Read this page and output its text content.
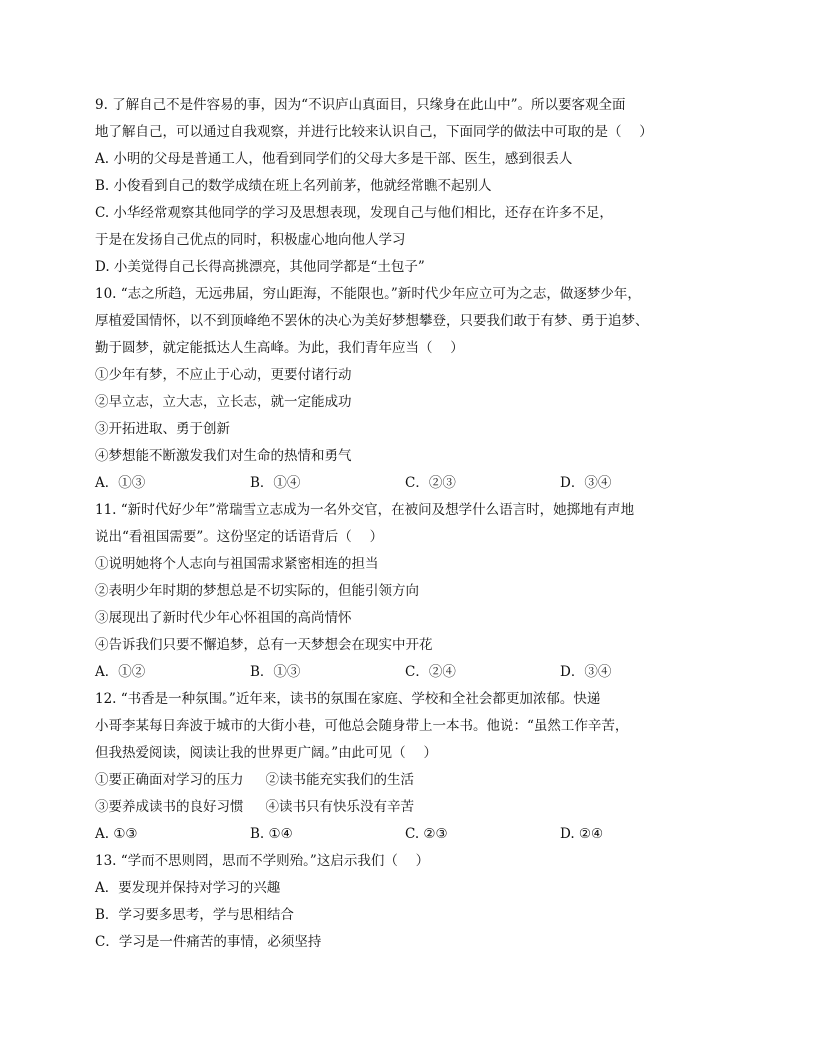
9. 了解自己不是件容易的事，因为“不识庐山真面目，只缘身在此山中”。所以要客观全面
地了解自己，可以通过自我观察，并进行比较来认识自己，下面同学的做法中可取的是（　 ）
A. 小明的父母是普通工人，他看到同学们的父母大多是干部、医生，感到很丢人
B. 小俊看到自己的数学成绩在班上名列前茅，他就经常瞧不起别人
C. 小华经常观察其他同学的学习及思想表现，发现自己与他们相比，还存在许多不足，
于是在发扬自己优点的同时，积极虚心地向他人学习
D. 小美觉得自己长得高挑漂亮，其他同学都是“土包子”
10. “志之所趋，无远弗届，穷山距海，不能限也。”新时代少年应立可为之志，做逐梦少年，
厚植爱国情怀，以不到顶峰绝不罢休的决心为美好梦想攀登，只要我们敢于有梦、勇于追梦、
勤于圆梦，就定能抵达人生高峰。为此，我们青年应当（　 ）
①少年有梦，不应止于心动，更要付诸行动
②早立志，立大志，立长志，就一定能成功
③开拓进取、勇于创新
④梦想能不断激发我们对生命的热情和勇气
A．①③	B．①④	C．②③	D．③④
11. “新时代好少年”常瑞雪立志成为一名外交官，在被问及想学什么语言时，她掷地有声地
说出“看祖国需要”。这份坚定的话语背后（　 ）
①说明她将个人志向与祖国需求紧密相连的担当
②表明少年时期的梦想总是不切实际的，但能引领方向
③展现出了新时代少年心怀祖国的高尚情怀
④告诉我们只要不懈追梦，总有一天梦想会在现实中开花
A．①②	B．①③	C．②④	D．③④
12. “书香是一种氛围。”近年来，读书的氛围在家庭、学校和全社会都更加浓郁。快递
小哥李某每日奔波于城市的大街小巷，可他总会随身带上一本书。他说：“虽然工作辛苦，
但我热爱阅读，阅读让我的世界更广阔。”由此可见（　 ）
①要正确面对学习的压力 ②读书能充实我们的生活
③要养成读书的良好习惯 ④读书只有快乐没有辛苦
A. ①③	B. ①④	C. ②③	D. ②④
13. “学而不思则罔，思而不学则殆。”这启示我们（　 ）
A．要发现并保持对学习的兴趣
B．学习要多思考，学与思相结合
C．学习是一件痛苦的事情，必须坚持
